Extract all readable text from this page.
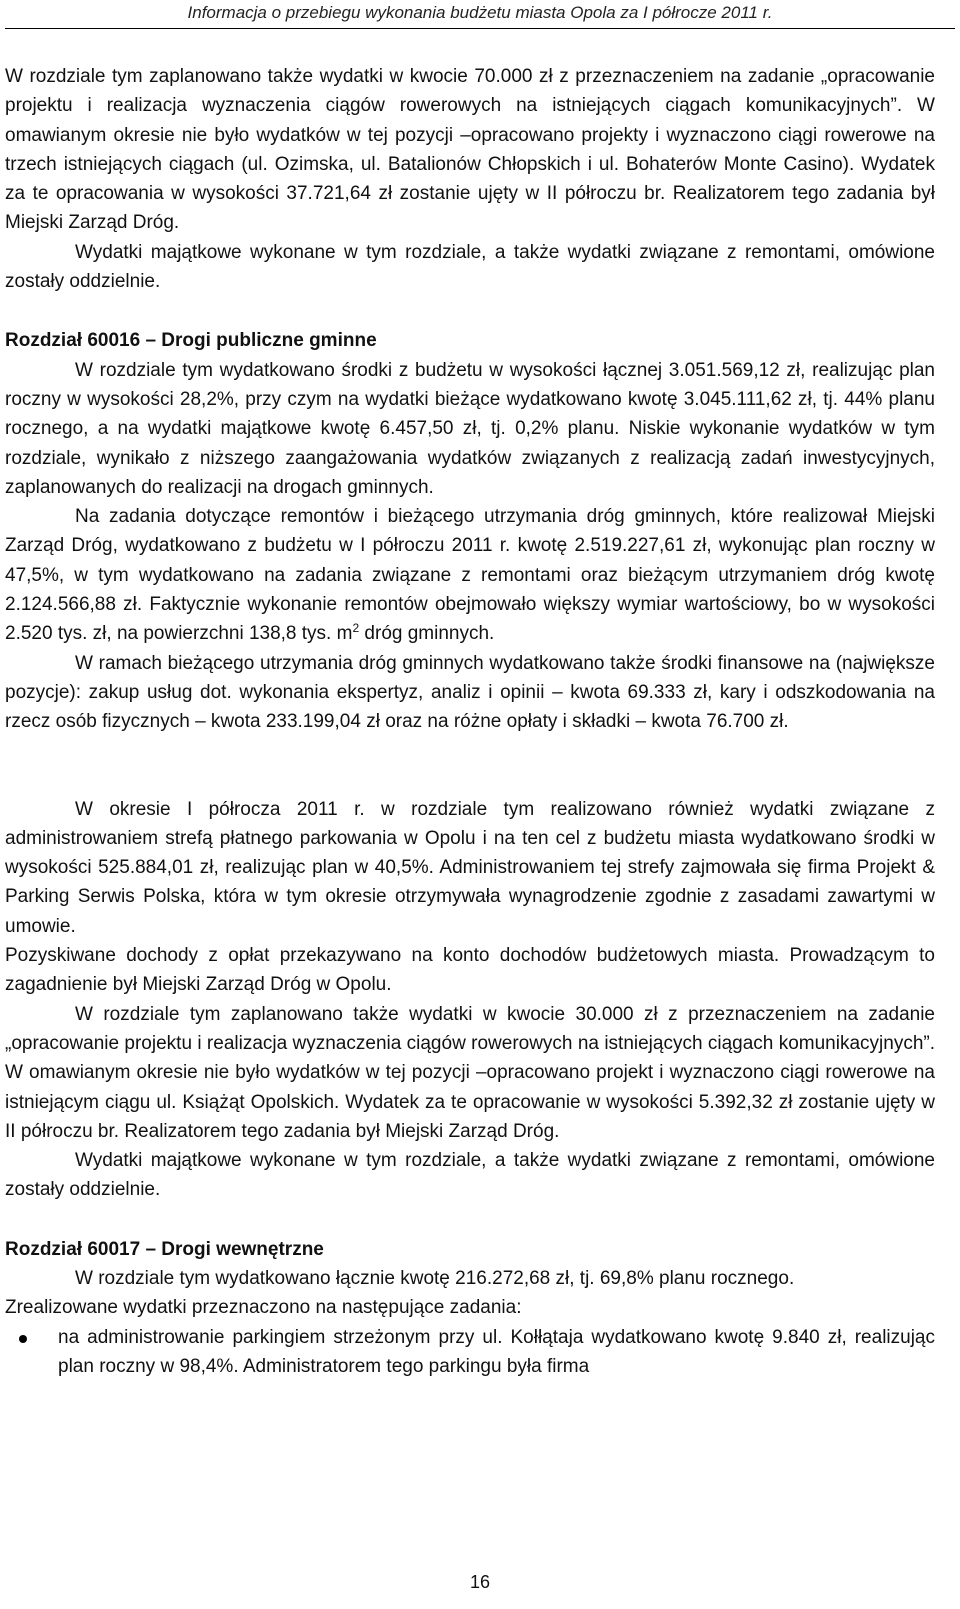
Informacja o przebiegu wykonania budżetu miasta Opola za I półrocze 2011 r.

W rozdziale tym zaplanowano także wydatki w kwocie 70.000 zł z przeznaczeniem na zadanie „opracowanie projektu i realizacja wyznaczenia ciągów rowerowych na istniejących ciągach komunikacyjnych”. W omawianym okresie nie było wydatków w tej pozycji –opracowano projekty i wyznaczono ciągi rowerowe na trzech istniejących ciągach (ul. Ozimska, ul. Batalionów Chłopskich i ul. Bohaterów Monte Casino). Wydatek za te opracowania w wysokości 37.721,64 zł zostanie ujęty w II półroczu br. Realizatorem tego zadania był Miejski Zarząd Dróg.

Wydatki majątkowe wykonane w tym rozdziale, a także wydatki związane z remontami, omówione zostały oddzielnie.

Rozdział 60016 – Drogi publiczne gminne

W rozdziale tym wydatkowano środki z budżetu w wysokości łącznej 3.051.569,12 zł, realizując plan roczny w wysokości 28,2%, przy czym na wydatki bieżące wydatkowano kwotę 3.045.111,62 zł, tj. 44% planu rocznego, a na wydatki majątkowe kwotę 6.457,50 zł, tj. 0,2% planu. Niskie wykonanie wydatków w tym rozdziale, wynikało z niższego zaangażowania wydatków związanych z realizacją zadań inwestycyjnych, zaplanowanych do realizacji na drogach gminnych.

Na zadania dotyczące remontów i bieżącego utrzymania dróg gminnych, które realizował Miejski Zarząd Dróg, wydatkowano z budżetu w I półroczu 2011 r. kwotę 2.519.227,61 zł, wykonując plan roczny w 47,5%, w tym wydatkowano na zadania związane z remontami oraz bieżącym utrzymaniem dróg kwotę 2.124.566,88 zł. Faktycznie wykonanie remontów obejmowało większy wymiar wartościowy, bo w wysokości 2.520 tys. zł, na powierzchni 138,8 tys. $m^2$ dróg gminnych.

W ramach bieżącego utrzymania dróg gminnych wydatkowano także środki finansowe na (największe pozycje): zakup usług dot. wykonania ekspertyz, analiz i opinii – kwota 69.333 zł, kary i odszkodowania na rzecz osób fizycznych – kwota 233.199,04 zł oraz na różne opłaty i składki – kwota 76.700 zł.

W okresie I półrocza 2011 r. w rozdziale tym realizowano również wydatki związane z administrowaniem strefą płatnego parkowania w Opolu i na ten cel z budżetu miasta wydatkowano środki w wysokości 525.884,01 zł, realizując plan w 40,5%. Administrowaniem tej strefy zajmowała się firma Projekt & Parking Serwis Polska, która w tym okresie otrzymywała wynagrodzenie zgodnie z zasadami zawartymi w umowie.

Pozyskiwane dochody z opłat przekazywano na konto dochodów budżetowych miasta. Prowadzącym to zagadnienie był Miejski Zarząd Dróg w Opolu.

W rozdziale tym zaplanowano także wydatki w kwocie 30.000 zł z przeznaczeniem na zadanie „opracowanie projektu i realizacja wyznaczenia ciągów rowerowych na istniejących ciągach komunikacyjnych”. W omawianym okresie nie było wydatków w tej pozycji –opracowano projekt i wyznaczono ciągi rowerowe na istniejącym ciągu ul. Książąt Opolskich. Wydatek za te opracowanie w wysokości 5.392,32 zł zostanie ujęty w II półroczu br. Realizatorem tego zadania był Miejski Zarząd Dróg.

Wydatki majątkowe wykonane w tym rozdziale, a także wydatki związane z remontami, omówione zostały oddzielnie.

Rozdział 60017 – Drogi wewnętrzne

W rozdziale tym wydatkowano łącznie kwotę 216.272,68 zł, tj. 69,8% planu rocznego.

Zrealizowane wydatki przeznaczono na następujące zadania:

na administrowanie parkingiem strzeżonym przy ul. Kołłątaja wydatkowano kwotę 9.840 zł, realizując plan roczny w 98,4%. Administratorem tego parkingu była firma
16
